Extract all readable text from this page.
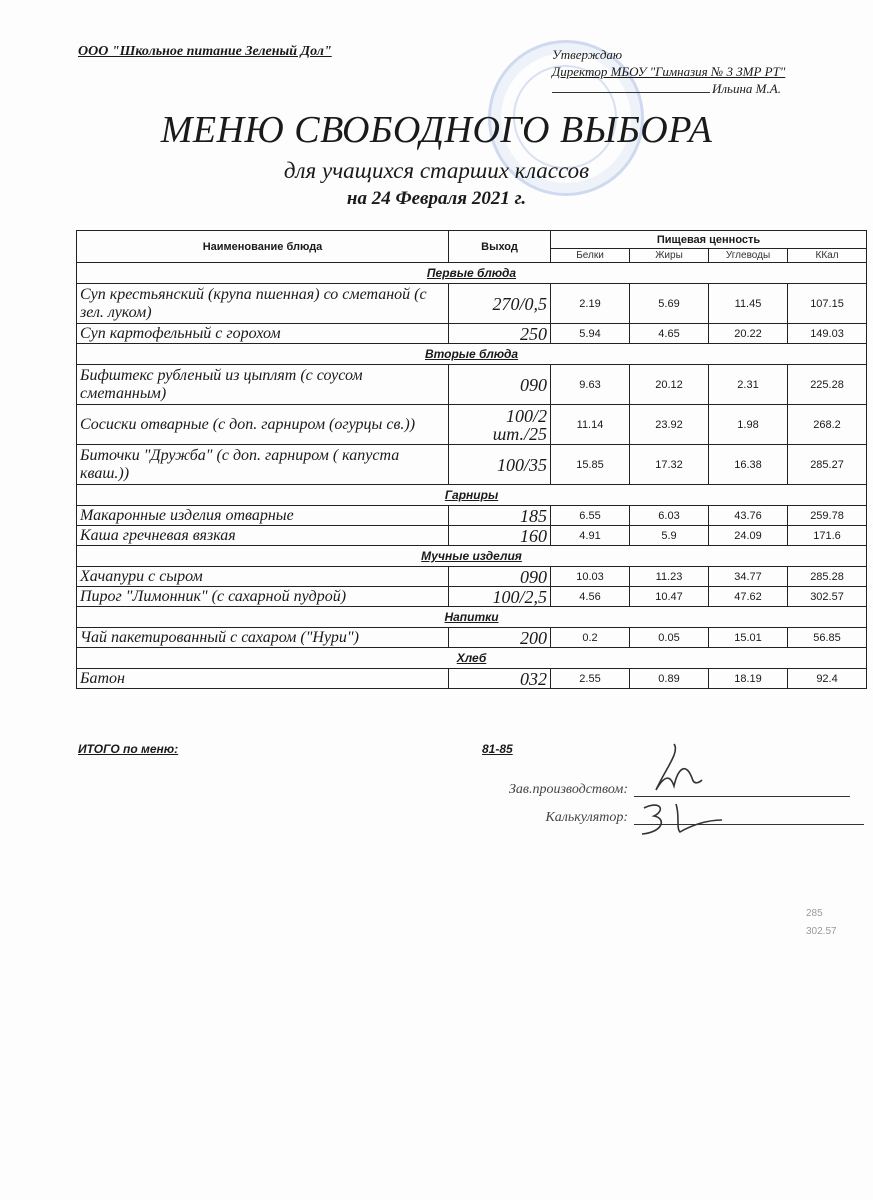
ООО "Школьное питание Зеленый Дол"	Утверждаю
Директор МБОУ "Гимназия № 3 ЗМР РТ"
Ильина М.А.
МЕНЮ СВОБОДНОГО ВЫБОРА
для учащихся старших классов
на 24 Февраля 2021 г.
Наименование блюда	Выход	Пищевая ценность			
		Белки	Жиры	Углеводы	ККал
Первые блюда					
Суп крестьянский (крупа пшенная) со сметаной (с зел. луком)	270/0,5	2.19	5.69	11.45	107.15
Суп картофельный с горохом	250	5.94	4.65	20.22	149.03
Вторые блюда					
Бифштекс рубленый из цыплят (с соусом сметанным)	090	9.63	20.12	2.31	225.28
Сосиски отварные (с доп. гарниром (огурцы св.))	100/2 шт./25	11.14	23.92	1.98	268.2
Биточки "Дружба" (с доп. гарниром ( капуста кваш.))	100/35	15.85	17.32	16.38	285.27
Гарниры					
Макаронные изделия отварные	185	6.55	6.03	43.76	259.78
Каша гречневая вязкая	160	4.91	5.9	24.09	171.6
Мучные изделия					
Хачапури с сыром	090	10.03	11.23	34.77	285.28
Пирог "Лимонник" (с сахарной пудрой)	100/2,5	4.56	10.47	47.62	302.57
Напитки					
Чай пакетированный с сахаром ("Нури")	200	0.2	0.05	15.01	56.85
Хлеб					
Батон	032	2.55	0.89	18.19	92.4
ИТОГО по меню:	81-85
Зав.производством:
Калькулятор:
285
302.57
